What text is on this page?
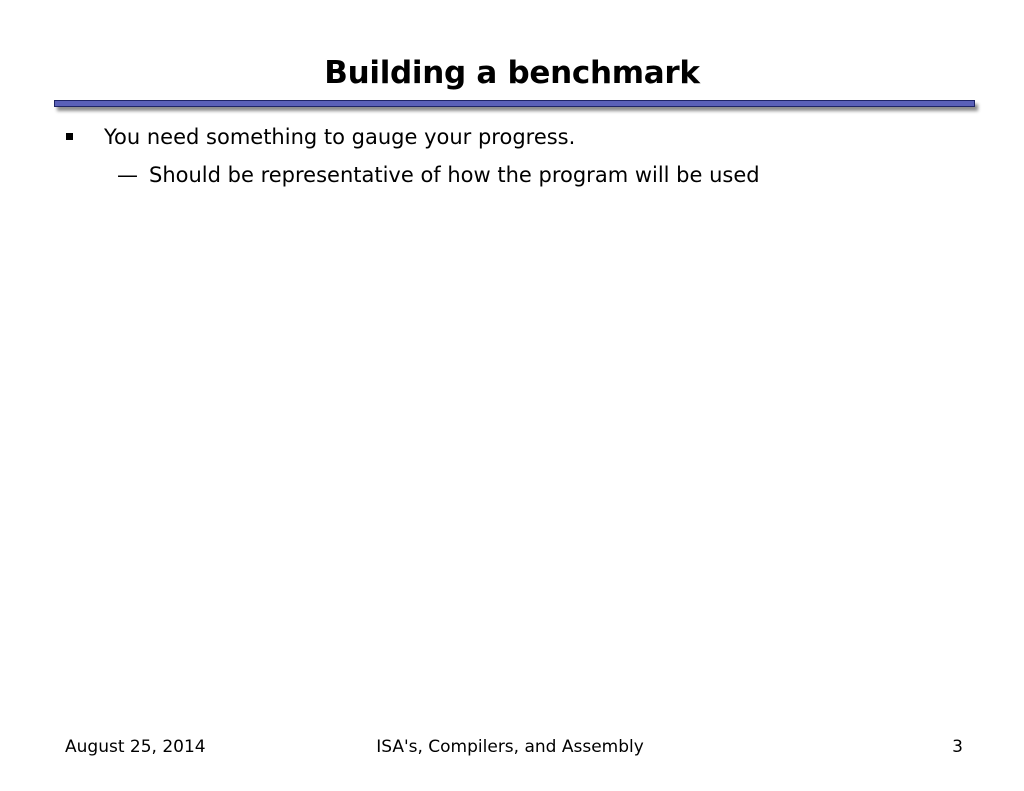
Building a benchmark
You need something to gauge your progress.
— Should be representative of how the program will be used
August 25, 2014	ISA's, Compilers, and Assembly	3
